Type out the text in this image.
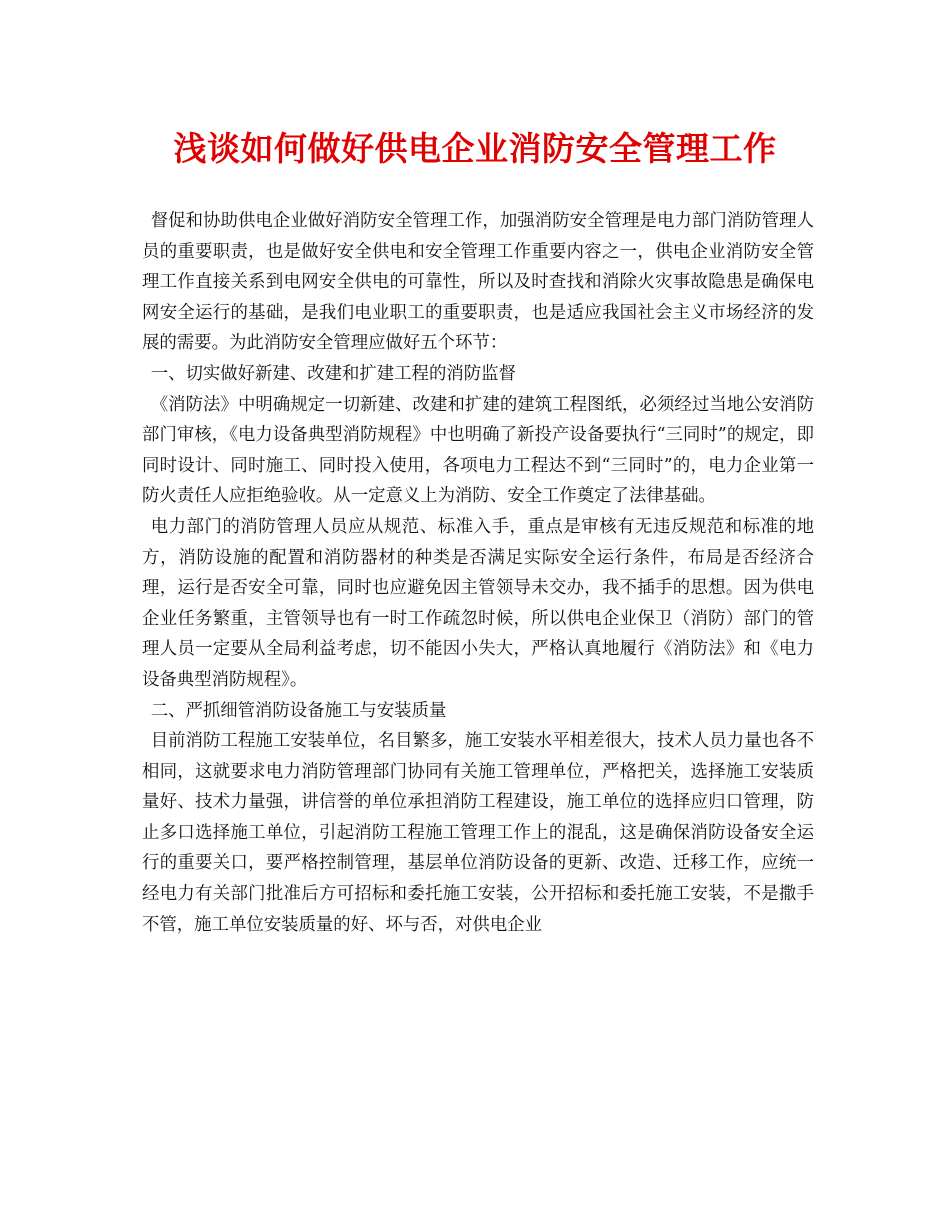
浅谈如何做好供电企业消防安全管理工作

督促和协助供电企业做好消防安全管理工作，加强消防安全管理是电力部门消防管理人员的重要职责，也是做好安全供电和安全管理工作重要内容之一，供电企业消防安全管理工作直接关系到电网安全供电的可靠性，所以及时查找和消除火灾事故隐患是确保电网安全运行的基础，是我们电业职工的重要职责，也是适应我国社会主义市场经济的发展的需要。为此消防安全管理应做好五个环节：

一、切实做好新建、改建和扩建工程的消防监督

《消防法》中明确规定一切新建、改建和扩建的建筑工程图纸，必须经过当地公安消防部门审核，《电力设备典型消防规程》中也明确了新投产设备要执行“三同时”的规定，即同时设计、同时施工、同时投入使用，各项电力工程达不到“三同时”的，电力企业第一防火责任人应拒绝验收。从一定意义上为消防、安全工作奠定了法律基础。

电力部门的消防管理人员应从规范、标准入手，重点是审核有无违反规范和标准的地方，消防设施的配置和消防器材的种类是否满足实际安全运行条件，布局是否经济合理，运行是否安全可靠，同时也应避免因主管领导未交办，我不插手的思想。因为供电企业任务繁重，主管领导也有一时工作疏忽时候，所以供电企业保卫（消防）部门的管理人员一定要从全局利益考虑，切不能因小失大，严格认真地履行《消防法》和《电力设备典型消防规程》。

二、严抓细管消防设备施工与安装质量

目前消防工程施工安装单位，名目繁多，施工安装水平相差很大，技术人员力量也各不相同，这就要求电力消防管理部门协同有关施工管理单位，严格把关，选择施工安装质量好、技术力量强，讲信誉的单位承担消防工程建设，施工单位的选择应归口管理，防止多口选择施工单位，引起消防工程施工管理工作上的混乱，这是确保消防设备安全运行的重要关口，要严格控制管理，基层单位消防设备的更新、改造、迁移工作，应统一经电力有关部门批准后方可招标和委托施工安装，公开招标和委托施工安装，不是撒手不管，施工单位安装质量的好、坏与否，对供电企业
